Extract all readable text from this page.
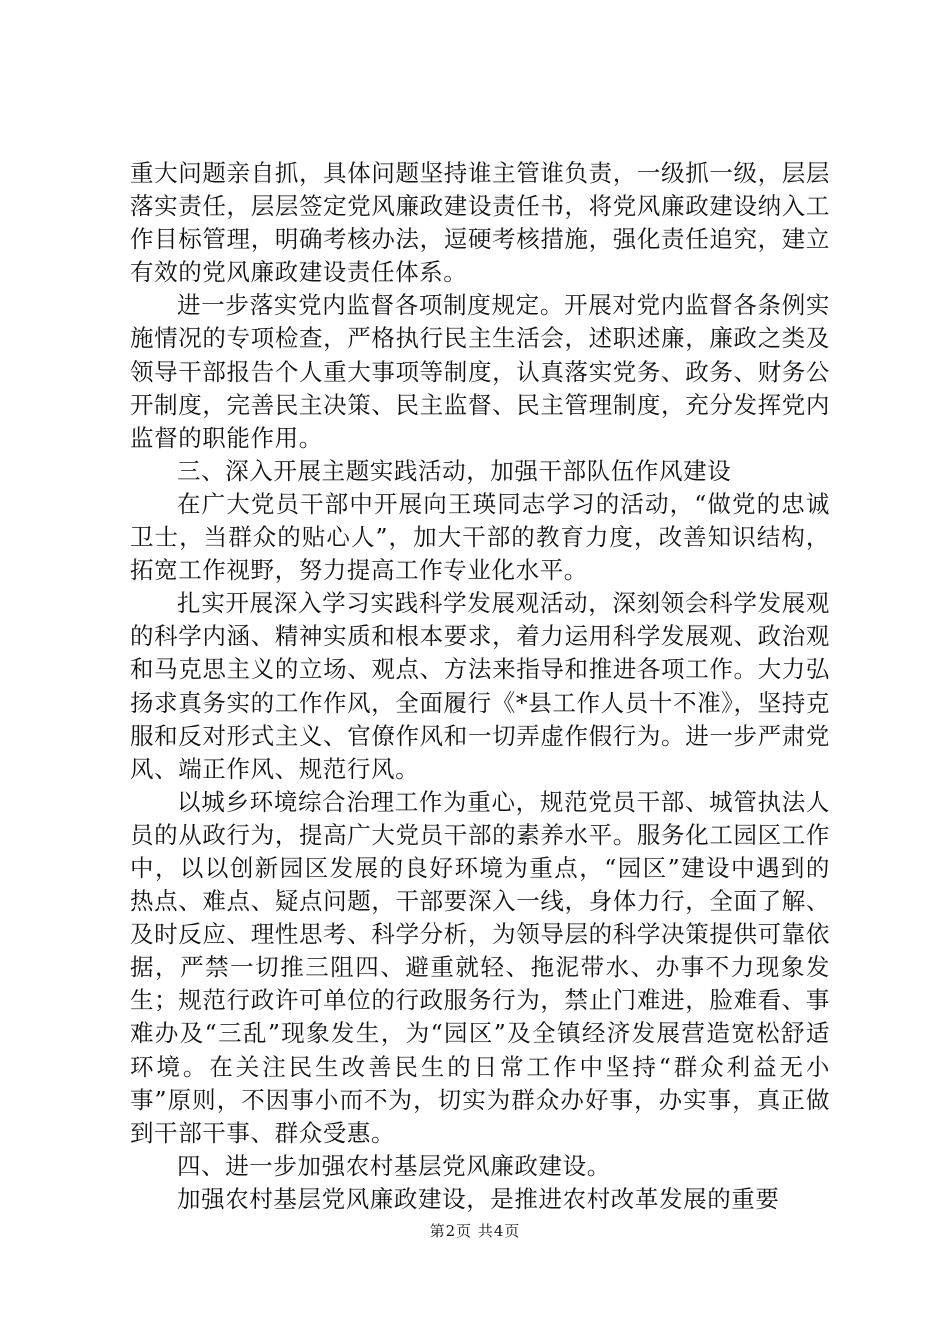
重大问题亲自抓，具体问题坚持谁主管谁负责，一级抓一级，层层落实责任，层层签定党风廉政建设责任书，将党风廉政建设纳入工作目标管理，明确考核办法，逗硬考核措施，强化责任追究，建立有效的党风廉政建设责任体系。

进一步落实党内监督各项制度规定。开展对党内监督各条例实施情况的专项检查，严格执行民主生活会，述职述廉，廉政之类及领导干部报告个人重大事项等制度，认真落实党务、政务、财务公开制度，完善民主决策、民主监督、民主管理制度，充分发挥党内监督的职能作用。

三、深入开展主题实践活动，加强干部队伍作风建设

在广大党员干部中开展向王瑛同志学习的活动，“做党的忠诚卫士，当群众的贴心人”，加大干部的教育力度，改善知识结构，拓宽工作视野，努力提高工作专业化水平。

扎实开展深入学习实践科学发展观活动，深刻领会科学发展观的科学内涵、精神实质和根本要求，着力运用科学发展观、政治观和马克思主义的立场、观点、方法来指导和推进各项工作。大力弘扬求真务实的工作作风，全面履行《*县工作人员十不准》，坚持克服和反对形式主义、官僚作风和一切弄虚作假行为。进一步严肃党风、端正作风、规范行风。

以城乡环境综合治理工作为重心，规范党员干部、城管执法人员的从政行为，提高广大党员干部的素养水平。服务化工园区工作中，以以创新园区发展的良好环境为重点，“园区”建设中遇到的热点、难点、疑点问题，干部要深入一线，身体力行，全面了解、及时反应、理性思考、科学分析，为领导层的科学决策提供可靠依据，严禁一切推三阻四、避重就轻、拖泥带水、办事不力现象发生；规范行政许可单位的行政服务行为，禁止门难进，脸难看、事难办及“三乱”现象发生，为“园区”及全镇经济发展营造宽松舒适环境。在关注民生改善民生的日常工作中坚持“群众利益无小事”原则，不因事小而不为，切实为群众办好事，办实事，真正做到干部干事、群众受惠。

四、进一步加强农村基层党风廉政建设。

加强农村基层党风廉政建设，是推进农村改革发展的重要

第2页 共4页
